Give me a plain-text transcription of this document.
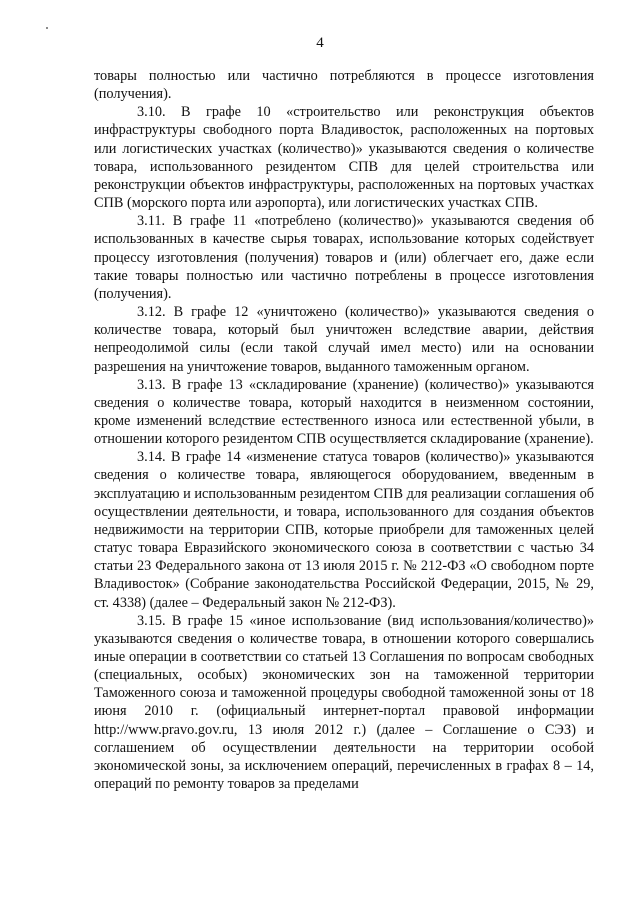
4

товары полностью или частично потребляются в процессе изготовления (получения).

3.10. В графе 10 «строительство или реконструкция объектов инфраструктуры свободного порта Владивосток, расположенных на портовых или логистических участках (количество)» указываются сведения о количестве товара, использованного резидентом СПВ для целей строительства или реконструкции объектов инфраструктуры, расположенных на портовых участках СПВ (морского порта или аэропорта), или логистических участках СПВ.

3.11. В графе 11 «потреблено (количество)» указываются сведения об использованных в качестве сырья товарах, использование которых содействует процессу изготовления (получения) товаров и (или) облегчает его, даже если такие товары полностью или частично потреблены в процессе изготовления (получения).

3.12. В графе 12 «уничтожено (количество)» указываются сведения о количестве товара, который был уничтожен вследствие аварии, действия непреодолимой силы (если такой случай имел место) или на основании разрешения на уничтожение товаров, выданного таможенным органом.

3.13. В графе 13 «складирование (хранение) (количество)» указываются сведения о количестве товара, который находится в неизменном состоянии, кроме изменений вследствие естественного износа или естественной убыли, в отношении которого резидентом СПВ осуществляется складирование (хранение).

3.14. В графе 14 «изменение статуса товаров (количество)» указываются сведения о количестве товара, являющегося оборудованием, введенным в эксплуатацию и использованным резидентом СПВ для реализации соглашения об осуществлении деятельности, и товара, использованного для создания объектов недвижимости на территории СПВ, которые приобрели для таможенных целей статус товара Евразийского экономического союза в соответствии с частью 34 статьи 23 Федерального закона от 13 июля 2015 г. № 212-ФЗ «О свободном порте Владивосток» (Собрание законодательства Российской Федерации, 2015, № 29, ст. 4338) (далее – Федеральный закон № 212-ФЗ).

3.15. В графе 15 «иное использование (вид использования/количество)» указываются сведения о количестве товара, в отношении которого совершались иные операции в соответствии со статьей 13 Соглашения по вопросам свободных (специальных, особых) экономических зон на таможенной территории Таможенного союза и таможенной процедуры свободной таможенной зоны от 18 июня 2010 г. (официальный интернет-портал правовой информации http://www.pravo.gov.ru, 13 июля 2012 г.) (далее – Соглашение о СЭЗ) и соглашением об осуществлении деятельности на территории особой экономической зоны, за исключением операций, перечисленных в графах 8 – 14, операций по ремонту товаров за пределами
